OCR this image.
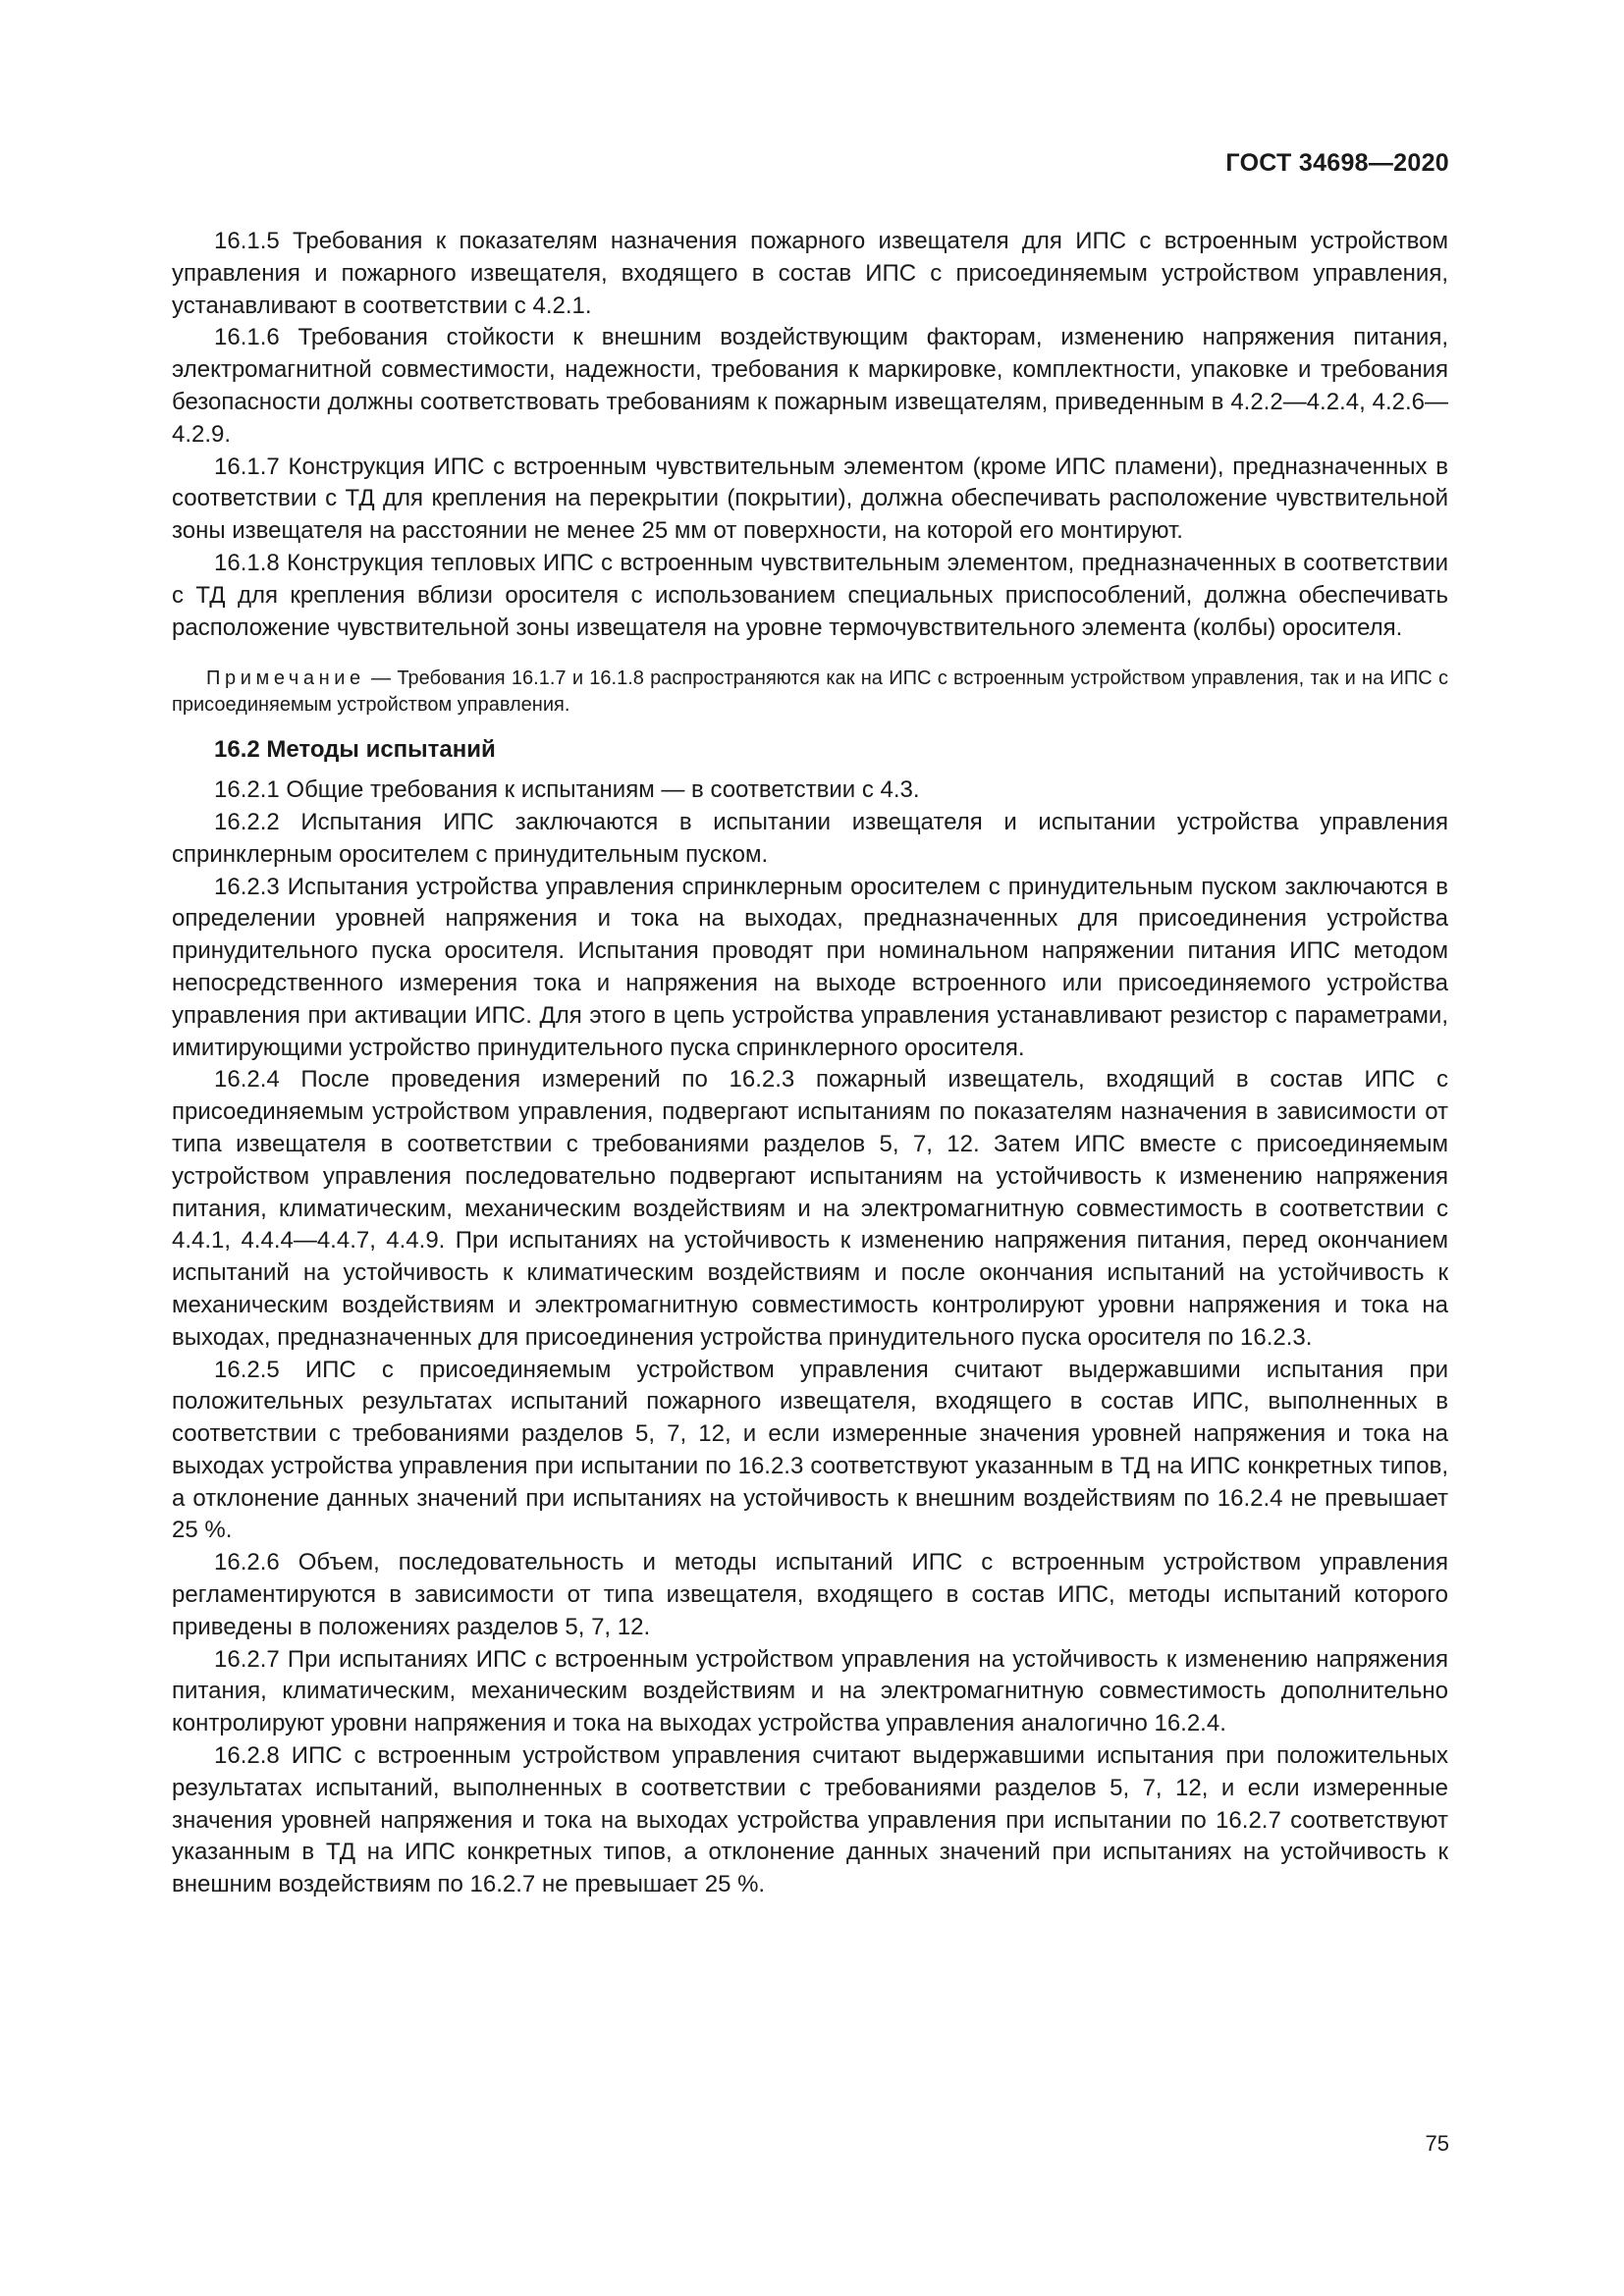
ГОСТ 34698—2020

16.1.5 Требования к показателям назначения пожарного извещателя для ИПС с встроенным устройством управления и пожарного извещателя, входящего в состав ИПС с присоединяемым устройством управления, устанавливают в соответствии с 4.2.1.

16.1.6 Требования стойкости к внешним воздействующим факторам, изменению напряжения питания, электромагнитной совместимости, надежности, требования к маркировке, комплектности, упаковке и требования безопасности должны соответствовать требованиям к пожарным извещателям, приведенным в 4.2.2—4.2.4, 4.2.6—4.2.9.

16.1.7 Конструкция ИПС с встроенным чувствительным элементом (кроме ИПС пламени), предназначенных в соответствии с ТД для крепления на перекрытии (покрытии), должна обеспечивать расположение чувствительной зоны извещателя на расстоянии не менее 25 мм от поверхности, на которой его монтируют.

16.1.8 Конструкция тепловых ИПС с встроенным чувствительным элементом, предназначенных в соответствии с ТД для крепления вблизи оросителя с использованием специальных приспособлений, должна обеспечивать расположение чувствительной зоны извещателя на уровне термочувствительного элемента (колбы) оросителя.

Примечание — Требования 16.1.7 и 16.1.8 распространяются как на ИПС с встроенным устройством управления, так и на ИПС с присоединяемым устройством управления.

16.2 Методы испытаний

16.2.1 Общие требования к испытаниям — в соответствии с 4.3.

16.2.2 Испытания ИПС заключаются в испытании извещателя и испытании устройства управления спринклерным оросителем с принудительным пуском.

16.2.3 Испытания устройства управления спринклерным оросителем с принудительным пуском заключаются в определении уровней напряжения и тока на выходах, предназначенных для присоединения устройства принудительного пуска оросителя. Испытания проводят при номинальном напряжении питания ИПС методом непосредственного измерения тока и напряжения на выходе встроенного или присоединяемого устройства управления при активации ИПС. Для этого в цепь устройства управления устанавливают резистор с параметрами, имитирующими устройство принудительного пуска спринклерного оросителя.

16.2.4 После проведения измерений по 16.2.3 пожарный извещатель, входящий в состав ИПС с присоединяемым устройством управления, подвергают испытаниям по показателям назначения в зависимости от типа извещателя в соответствии с требованиями разделов 5, 7, 12. Затем ИПС вместе с присоединяемым устройством управления последовательно подвергают испытаниям на устойчивость к изменению напряжения питания, климатическим, механическим воздействиям и на электромагнитную совместимость в соответствии с 4.4.1, 4.4.4—4.4.7, 4.4.9. При испытаниях на устойчивость к изменению напряжения питания, перед окончанием испытаний на устойчивость к климатическим воздействиям и после окончания испытаний на устойчивость к механическим воздействиям и электромагнитную совместимость контролируют уровни напряжения и тока на выходах, предназначенных для присоединения устройства принудительного пуска оросителя по 16.2.3.

16.2.5 ИПС с присоединяемым устройством управления считают выдержавшими испытания при положительных результатах испытаний пожарного извещателя, входящего в состав ИПС, выполненных в соответствии с требованиями разделов 5, 7, 12, и если измеренные значения уровней напряжения и тока на выходах устройства управления при испытании по 16.2.3 соответствуют указанным в ТД на ИПС конкретных типов, а отклонение данных значений при испытаниях на устойчивость к внешним воздействиям по 16.2.4 не превышает 25 %.

16.2.6 Объем, последовательность и методы испытаний ИПС с встроенным устройством управления регламентируются в зависимости от типа извещателя, входящего в состав ИПС, методы испытаний которого приведены в положениях разделов 5, 7, 12.

16.2.7 При испытаниях ИПС с встроенным устройством управления на устойчивость к изменению напряжения питания, климатическим, механическим воздействиям и на электромагнитную совместимость дополнительно контролируют уровни напряжения и тока на выходах устройства управления аналогично 16.2.4.

16.2.8 ИПС с встроенным устройством управления считают выдержавшими испытания при положительных результатах испытаний, выполненных в соответствии с требованиями разделов 5, 7, 12, и если измеренные значения уровней напряжения и тока на выходах устройства управления при испытании по 16.2.7 соответствуют указанным в ТД на ИПС конкретных типов, а отклонение данных значений при испытаниях на устойчивость к внешним воздействиям по 16.2.7 не превышает 25 %.

75
